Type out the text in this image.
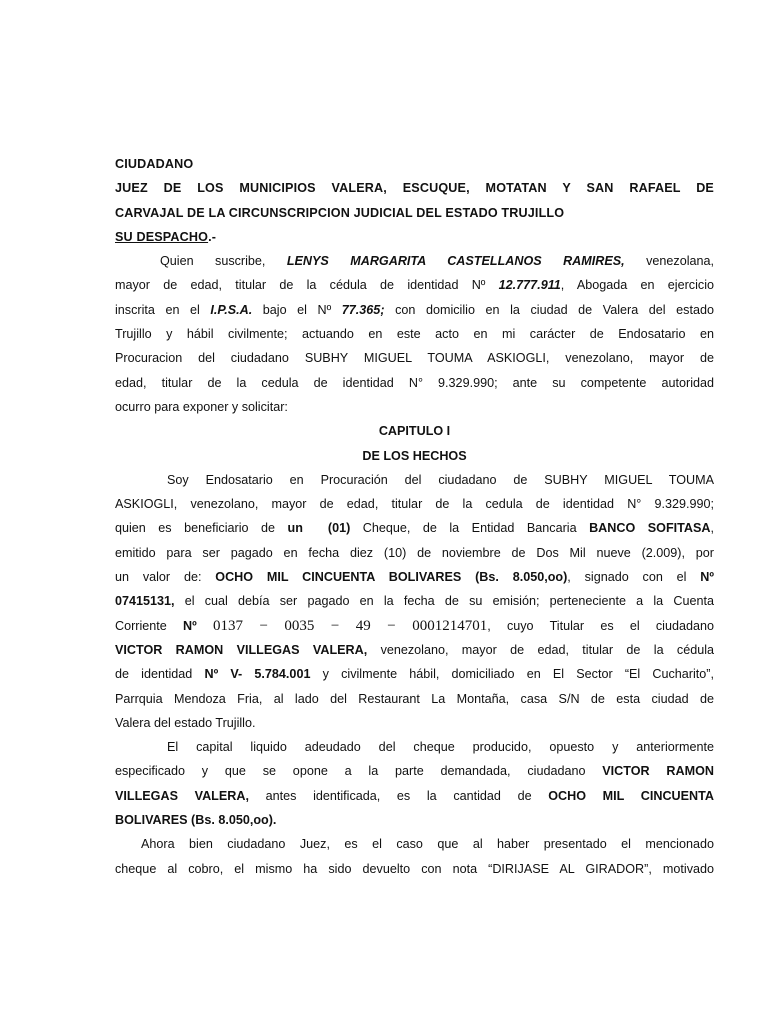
CIUDADANO
JUEZ DE LOS MUNICIPIOS VALERA, ESCUQUE, MOTATAN Y SAN RAFAEL DE
CARVAJAL DE LA CIRCUNSCRIPCION JUDICIAL DEL ESTADO TRUJILLO
SU DESPACHO.-
Quien suscribe, LENYS MARGARITA CASTELLANOS RAMIRES, venezolana,
mayor de edad, titular de la cédula de identidad Nº 12.777.911, Abogada en ejercicio
inscrita en el I.P.S.A. bajo el Nº 77.365; con domicilio en la ciudad de Valera del estado
Trujillo y hábil civilmente; actuando en este acto en mi carácter de Endosatario en
Procuracion del ciudadano SUBHY MIGUEL TOUMA ASKIOGLI, venezolano, mayor de
edad, titular de la cedula de identidad N° 9.329.990; ante su competente autoridad
ocurro para exponer y solicitar:
CAPITULO I
DE LOS HECHOS
Soy Endosatario en Procuración del ciudadano de SUBHY MIGUEL TOUMA
ASKIOGLI, venezolano, mayor de edad, titular de la cedula de identidad N° 9.329.990;
quien es beneficiario de un (01) Cheque, de la Entidad Bancaria BANCO SOFITASA,
emitido para ser pagado en fecha diez (10) de noviembre de Dos Mil nueve (2.009), por
un valor de: OCHO MIL CINCUENTA BOLIVARES (Bs. 8.050,oo), signado con el Nº
07415131, el cual debía ser pagado en la fecha de su emisión; perteneciente a la Cuenta
Corriente Nº 0137 − 0035 − 49 − 0001214701, cuyo Titular es el ciudadano
VICTOR RAMON VILLEGAS VALERA, venezolano, mayor de edad, titular de la cédula
de identidad Nº V- 5.784.001 y civilmente hábil, domiciliado en El Sector “El Cucharito”,
Parrquia Mendoza Fria, al lado del Restaurant La Montaña, casa S/N de esta ciudad de
Valera del estado Trujillo.
El capital liquido adeudado del cheque producido, opuesto y anteriormente
especificado y que se opone a la parte demandada, ciudadano VICTOR RAMON
VILLEGAS VALERA, antes identificada, es la cantidad de OCHO MIL CINCUENTA
BOLIVARES (Bs. 8.050,oo).
Ahora bien ciudadano Juez, es el caso que al haber presentado el mencionado
cheque al cobro, el mismo ha sido devuelto con nota “DIRIJASE AL GIRADOR”, motivado
